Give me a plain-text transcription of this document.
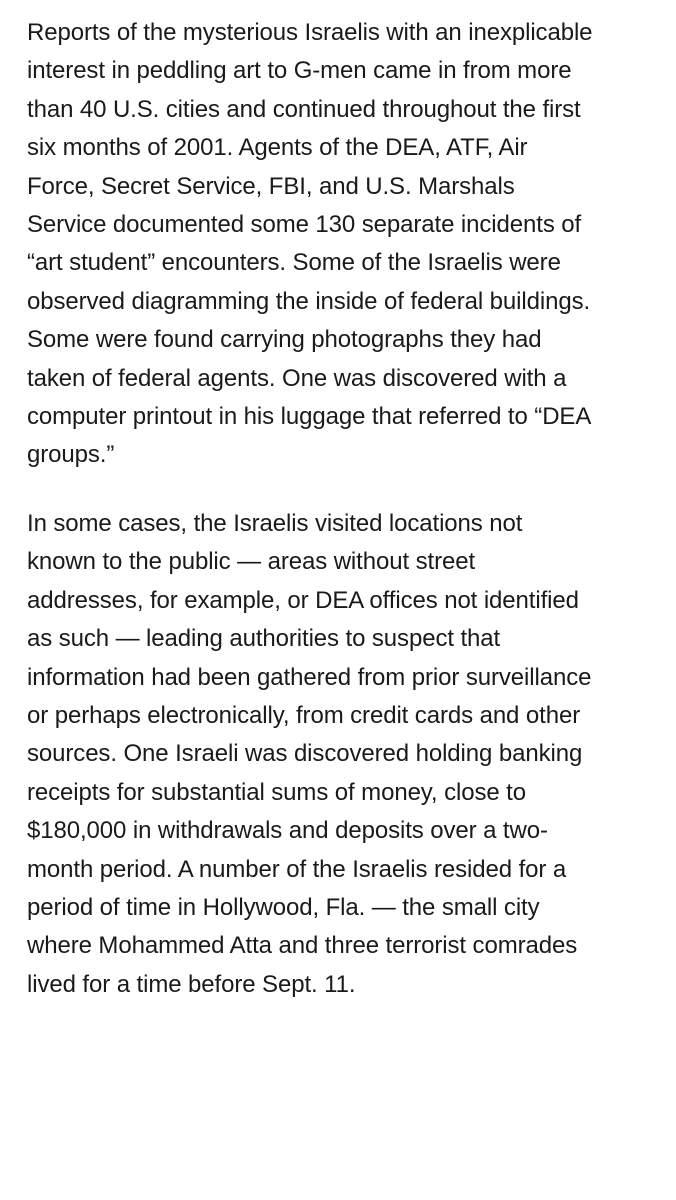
Reports of the mysterious Israelis with an inexplicable
interest in peddling art to G-men came in from more
than 40 U.S. cities and continued throughout the first
six months of 2001. Agents of the DEA, ATF, Air
Force, Secret Service, FBI, and U.S. Marshals
Service documented some 130 separate incidents of
“art student” encounters. Some of the Israelis were
observed diagramming the inside of federal buildings.
Some were found carrying photographs they had
taken of federal agents. One was discovered with a
computer printout in his luggage that referred to “DEA
groups.”

In some cases, the Israelis visited locations not
known to the public — areas without street
addresses, for example, or DEA offices not identified
as such — leading authorities to suspect that
information had been gathered from prior surveillance
or perhaps electronically, from credit cards and other
sources. One Israeli was discovered holding banking
receipts for substantial sums of money, close to
$180,000 in withdrawals and deposits over a two-
month period. A number of the Israelis resided for a
period of time in Hollywood, Fla. — the small city
where Mohammed Atta and three terrorist comrades
lived for a time before Sept. 11.
